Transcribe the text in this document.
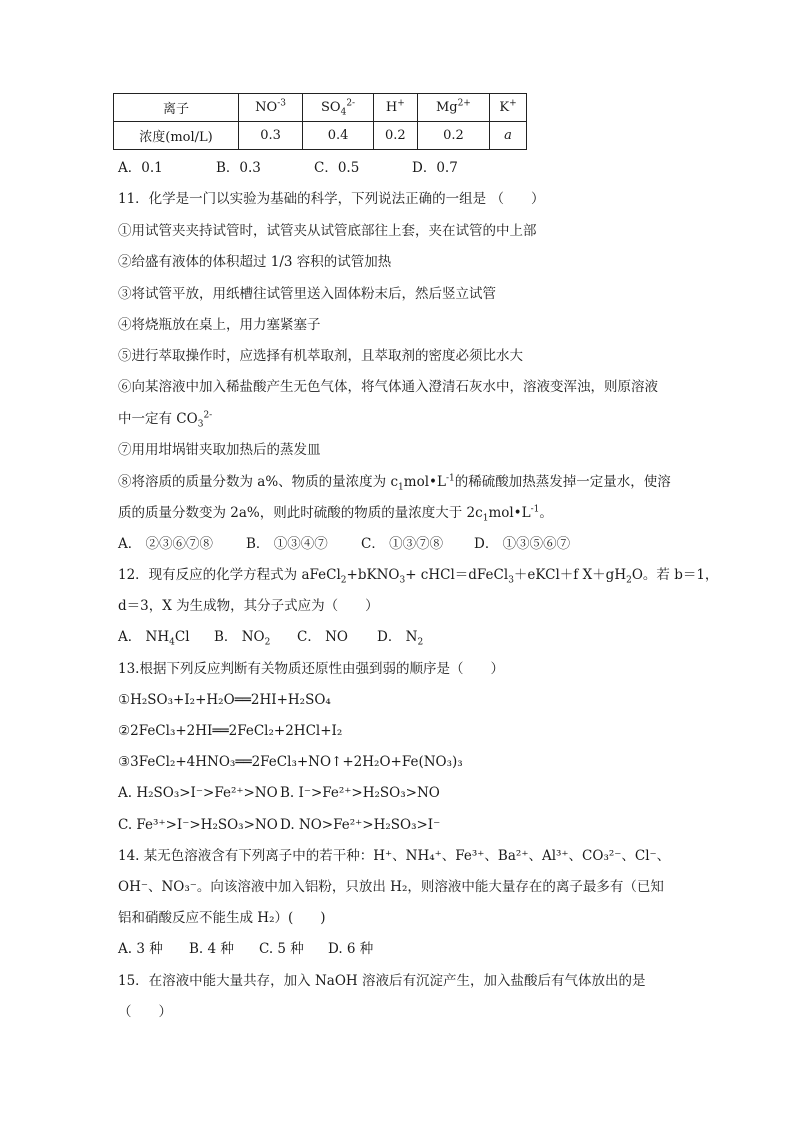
离子	$NO^{-3}$	$SO_4^{2-}$	H+	$Mg^{2+}$	K+
浓度(mol/L)	0.3	0.4	0.2	0.2	a
A．0.1	B．0.3	C．0.5	D．0.7
11．化学是一门以实验为基础的科学，下列说法正确的一组是 （　　）
①用试管夹夹持试管时，试管夹从试管底部往上套，夹在试管的中上部
②给盛有液体的体积超过 1/3 容积的试管加热
③将试管平放，用纸槽往试管里送入固体粉末后，然后竖立试管
④将烧瓶放在桌上，用力塞紧塞子
⑤进行萃取操作时，应选择有机萃取剂，且萃取剂的密度必须比水大
⑥向某溶液中加入稀盐酸产生无色气体，将气体通入澄清石灰水中，溶液变浑浊，则原溶液
中一定有 $CO_3^{2-}$
⑦用用坩埚钳夹取加热后的蒸发皿
⑧将溶质的质量分数为 a%、物质的量浓度为 $c_1mol•L^{-1}$的稀硫酸加热蒸发掉一定量水，使溶
质的质量分数变为 2a%，则此时硫酸的物质的量浓度大于 $2c_1mol•L^{-1}$。
A． ②③⑥⑦⑧ B． ①③④⑦ C． ①③⑦⑧ D． ①③⑤⑥⑦
12．现有反应的化学方程式为 aFeCl$_2$+bKNO$_3$+ cHCl＝dFeCl$_3$＋eKCl＋f $X+gH_2O$。若 b＝1，
d＝3，X 为生成物，其分子式应为（　　）
A． $NH_4Cl$ B． $NO_2$ C． NO D． $N_2$
13.根据下列反应判断有关物质还原性由强到弱的顺序是（　　）
①H₂SO₃+I₂+H₂O══2HI+H₂SO₄
②2FeCl₃+2HI══2FeCl₂+2HCl+I₂
③3FeCl₂+4HNO₃══2FeCl₃+NO↑+2H₂O+Fe(NO₃)₃
A. H₂SO₃>I⁻>Fe²⁺>NO B. I⁻>Fe²⁺>H₂SO₃>NO
C. Fe³⁺>I⁻>H₂SO₃>NO D. NO>Fe²⁺>H₂SO₃>I⁻
14. 某无色溶液含有下列离子中的若干种：H⁺、NH₄⁺、Fe³⁺、Ba²⁺、Al³⁺、CO₃²⁻、Cl⁻、
OH⁻、NO₃⁻。向该溶液中加入铝粉，只放出 H₂，则溶液中能大量存在的离子最多有（已知
铝和硝酸反应不能生成 H₂）(　　)
A. 3 种 B. 4 种 C. 5 种 D. 6 种
15．在溶液中能大量共存，加入 NaOH 溶液后有沉淀产生，加入盐酸后有气体放出的是
（　　）
